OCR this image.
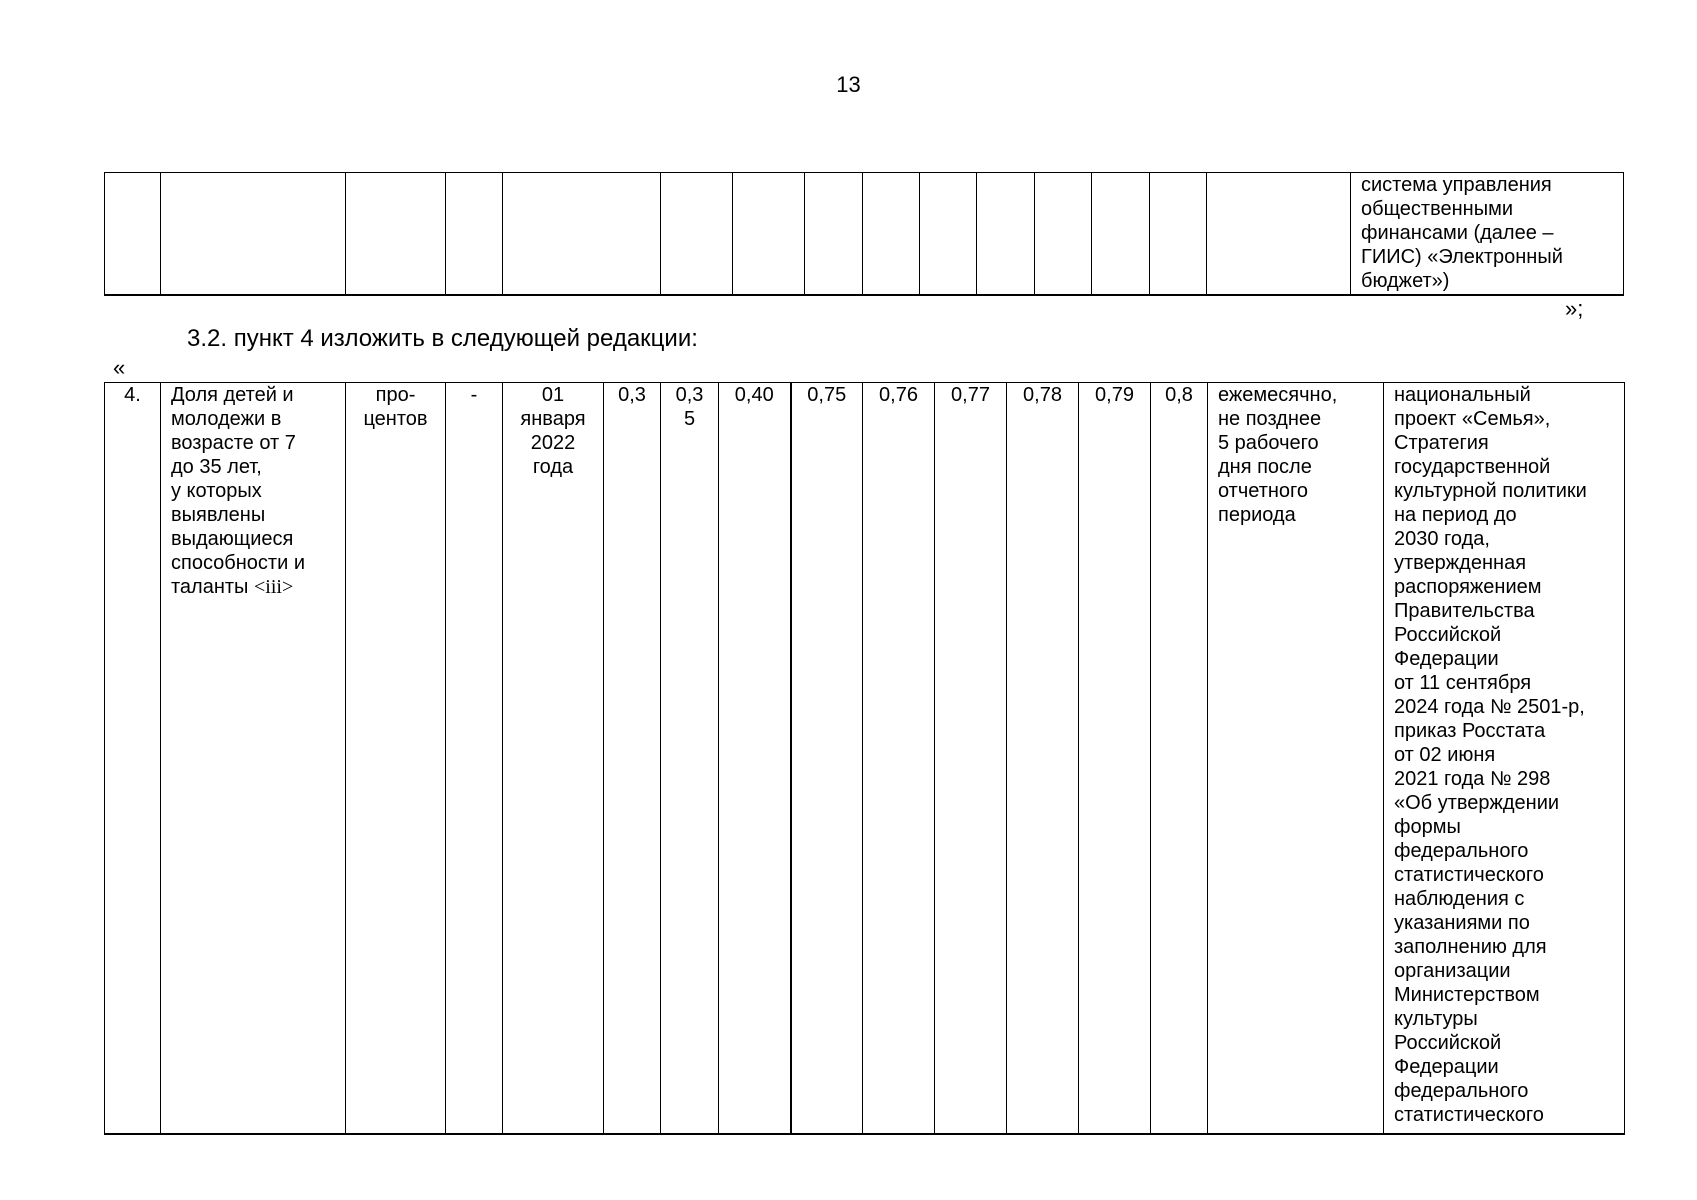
13
															система управления
общественными
финансами (далее –
ГИИС) «Электронный
бюджет»)
»;
3.2. пункт 4 изложить в следующей редакции:
«
4.	Доля детей и
молодежи в
возрасте от 7
до 35 лет,
у которых
выявлены
выдающиеся
способности и
таланты <iii>	про-
центов	-	01
января
2022
года	0,3	0,3
5	0,40	0,75	0,76	0,77	0,78	0,79	0,8	ежемесячно,
не позднее
5 рабочего
дня после
отчетного
периода	национальный
проект «Семья»,
Стратегия
государственной
культурной политики
на период до
2030 года,
утвержденная
распоряжением
Правительства
Российской
Федерации
от 11 сентября
2024 года № 2501-р,
приказ Росстата
от 02 июня
2021 года № 298
«Об утверждении
формы
федерального
статистического
наблюдения с
указаниями по
заполнению для
организации
Министерством
культуры
Российской
Федерации
федерального
статистического
